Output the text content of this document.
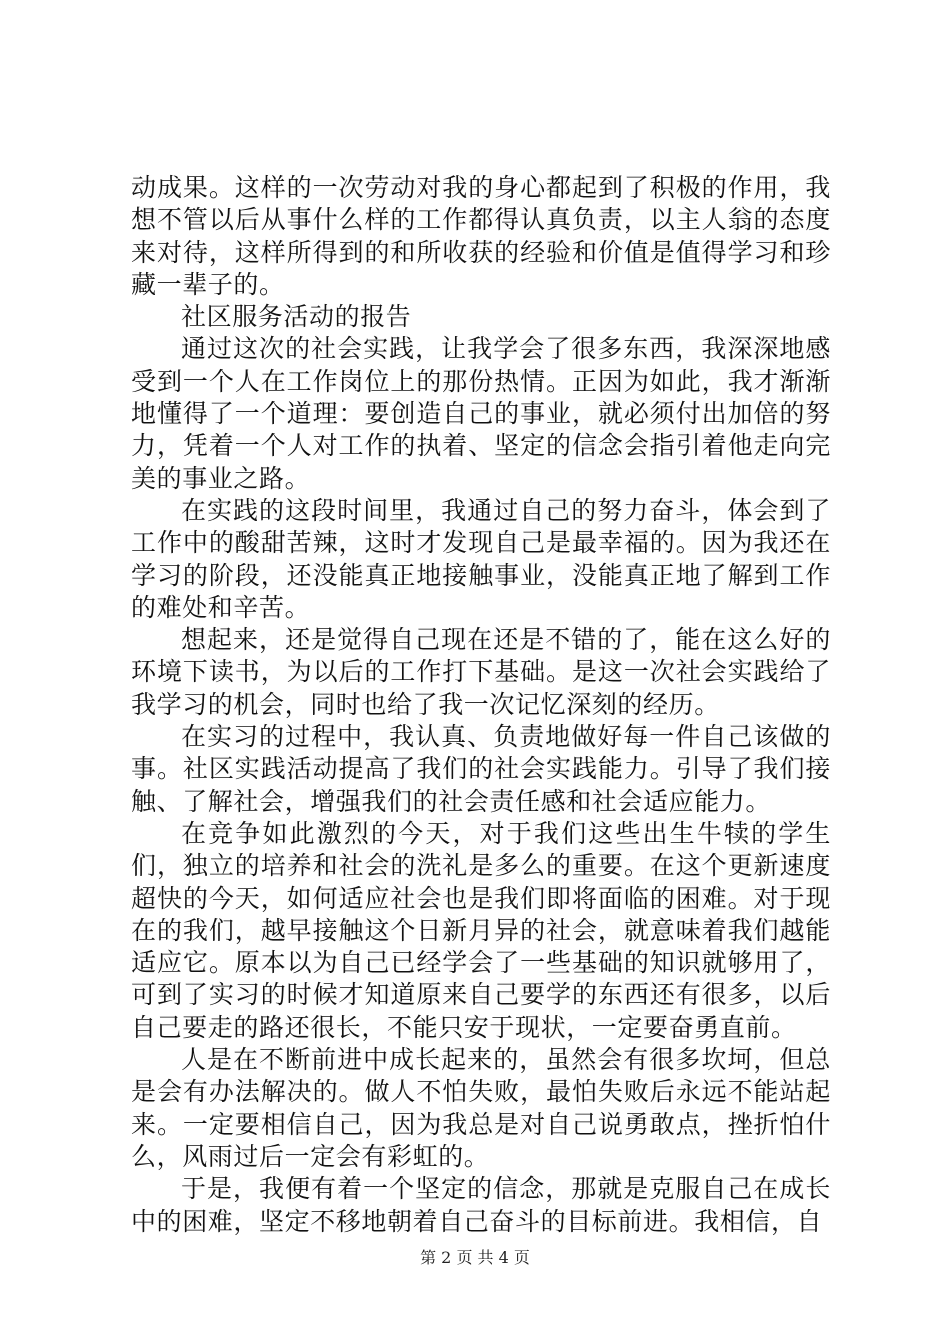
动成果。这样的一次劳动对我的身心都起到了积极的作用，我想不管以后从事什么样的工作都得认真负责，以主人翁的态度来对待，这样所得到的和所收获的经验和价值是值得学习和珍藏一辈子的。

社区服务活动的报告

通过这次的社会实践，让我学会了很多东西，我深深地感受到一个人在工作岗位上的那份热情。正因为如此，我才渐渐地懂得了一个道理：要创造自己的事业，就必须付出加倍的努力，凭着一个人对工作的执着、坚定的信念会指引着他走向完美的事业之路。

在实践的这段时间里，我通过自己的努力奋斗，体会到了工作中的酸甜苦辣，这时才发现自己是最幸福的。因为我还在学习的阶段，还没能真正地接触事业，没能真正地了解到工作的难处和辛苦。

想起来，还是觉得自己现在还是不错的了，能在这么好的环境下读书，为以后的工作打下基础。是这一次社会实践给了我学习的机会，同时也给了我一次记忆深刻的经历。

在实习的过程中，我认真、负责地做好每一件自己该做的事。社区实践活动提高了我们的社会实践能力。引导了我们接触、了解社会，增强我们的社会责任感和社会适应能力。

在竞争如此激烈的今天，对于我们这些出生牛犊的学生们，独立的培养和社会的洗礼是多么的重要。在这个更新速度超快的今天，如何适应社会也是我们即将面临的困难。对于现在的我们，越早接触这个日新月异的社会，就意味着我们越能适应它。原本以为自己已经学会了一些基础的知识就够用了，可到了实习的时候才知道原来自己要学的东西还有很多，以后自己要走的路还很长，不能只安于现状，一定要奋勇直前。

人是在不断前进中成长起来的，虽然会有很多坎坷，但总是会有办法解决的。做人不怕失败，最怕失败后永远不能站起来。一定要相信自己，因为我总是对自己说勇敢点，挫折怕什么，风雨过后一定会有彩虹的。

于是，我便有着一个坚定的信念，那就是克服自己在成长中的困难，坚定不移地朝着自己奋斗的目标前进。我相信，自

第 2 页 共 4 页
